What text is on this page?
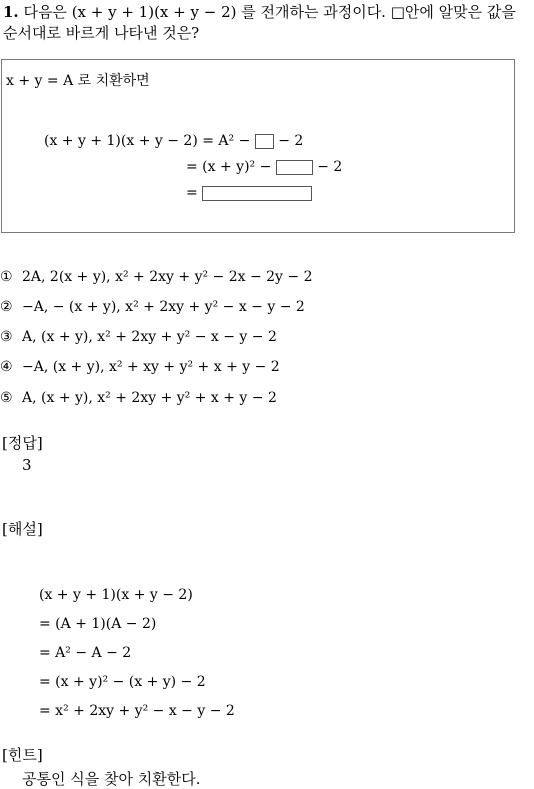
1. 다음은 (x + y + 1)(x + y − 2) 를 전개하는 과정이다. □안에 알맞은 값을
순서대로 바르게 나타낸 것은?
x + y = A 로 치환하면
(x + y + 1)(x + y − 2) = A² − − 2
= (x + y)² −	− 2
=
① 2A, 2(x + y), x² + 2xy + y² − 2x − 2y − 2
② −A, − (x + y), x² + 2xy + y² − x − y − 2
③ A, (x + y), x² + 2xy + y² − x − y − 2
④ −A, (x + y), x² + xy + y² + x + y − 2
⑤ A, (x + y), x² + 2xy + y² + x + y − 2
[정답]
3
[해설]
(x + y + 1)(x + y − 2)
= (A + 1)(A − 2)
= A² − A − 2
= (x + y)² − (x + y) − 2
= x² + 2xy + y² − x − y − 2
[힌트]
공통인 식을 찾아 치환한다.
